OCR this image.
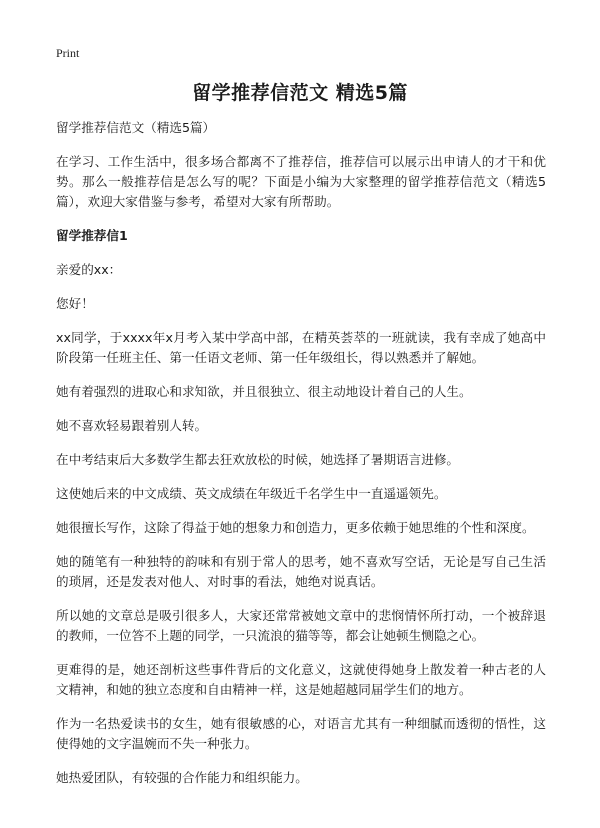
Print
留学推荐信范文 精选5篇

留学推荐信范文（精选5篇）

在学习、工作生活中，很多场合都离不了推荐信，推荐信可以展示出申请人的才干和优势。那么一般推荐信是怎么写的呢？下面是小编为大家整理的留学推荐信范文（精选5篇），欢迎大家借鉴与参考，希望对大家有所帮助。

留学推荐信1

亲爱的xx：

您好！

xx同学，于xxxx年x月考入某中学高中部，在精英荟萃的一班就读，我有幸成了她高中阶段第一任班主任、第一任语文老师、第一任年级组长，得以熟悉并了解她。

她有着强烈的进取心和求知欲，并且很独立、很主动地设计着自己的人生。

她不喜欢轻易跟着别人转。

在中考结束后大多数学生都去狂欢放松的时候，她选择了暑期语言进修。

这使她后来的中文成绩、英文成绩在年级近千名学生中一直遥遥领先。

她很擅长写作，这除了得益于她的想象力和创造力，更多依赖于她思维的个性和深度。

她的随笔有一种独特的韵味和有别于常人的思考，她不喜欢写空话，无论是写自己生活的琐屑，还是发表对他人、对时事的看法，她绝对说真话。

所以她的文章总是吸引很多人，大家还常常被她文章中的悲悯情怀所打动，一个被辞退的教师，一位答不上题的同学，一只流浪的猫等等，都会让她顿生恻隐之心。

更难得的是，她还剖析这些事件背后的文化意义，这就使得她身上散发着一种古老的人文精神，和她的独立态度和自由精神一样，这是她超越同届学生们的地方。

作为一名热爱读书的女生，她有很敏感的心，对语言尤其有一种细腻而透彻的悟性，这使得她的文字温婉而不失一种张力。

她热爱团队，有较强的合作能力和组织能力。
